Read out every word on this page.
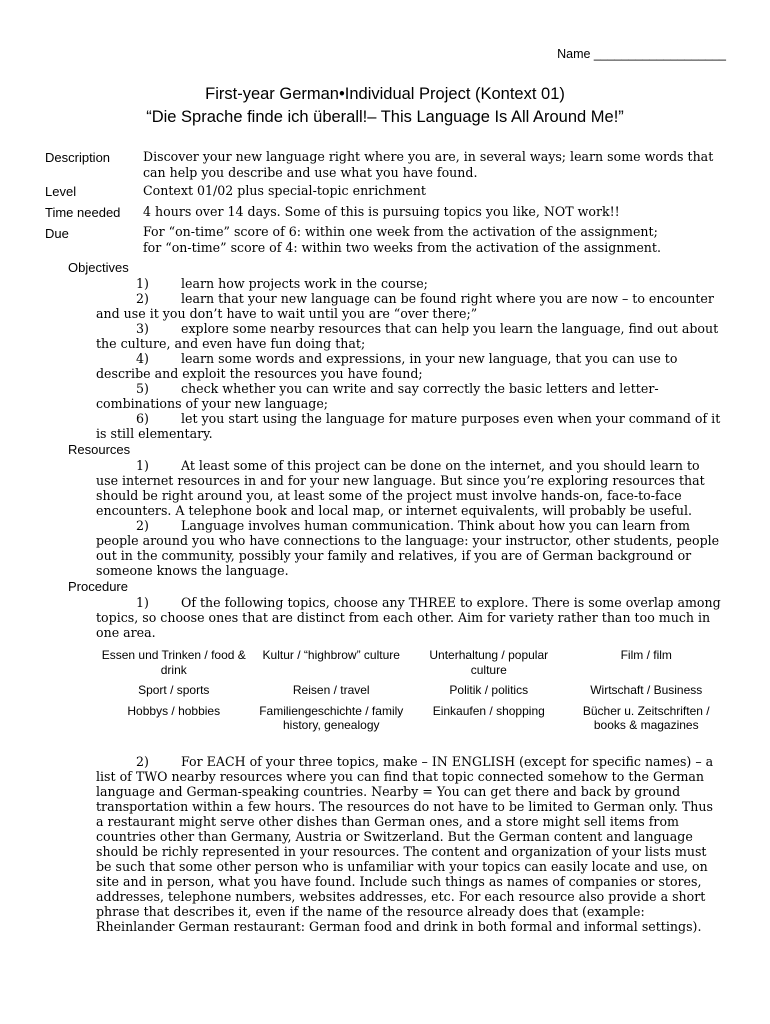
Name ___________________
First-year German•Individual Project (Kontext 01)
“Die Sprache finde ich überall!– This Language Is All Around Me!”
Description	Discover your new language right where you are, in several ways; learn some words that can help you describe and use what you have found.
Level	Context 01/02 plus special-topic enrichment
Time needed 4 hours over 14 days. Some of this is pursuing topics you like, NOT work!!
Due	For “on-time” score of 6: within one week from the activation of the assignment;
for “on-time” score of 4: within two weeks from the activation of the assignment.
Objectives

1)	learn how projects work in the course;

2)	learn that your new language can be found right where you are now – to encounter and use it you don’t have to wait until you are “over there;”

3)	explore some nearby resources that can help you learn the language, find out about the culture, and even have fun doing that;

4)	learn some words and expressions, in your new language, that you can use to describe and exploit the resources you have found;

5)	check whether you can write and say correctly the basic letters and letter-combinations of your new language;

6)	let you start using the language for mature purposes even when your command of it is still elementary.

Resources

1)	At least some of this project can be done on the internet, and you should learn to use internet resources in and for your new language. But since you’re exploring resources that should be right around you, at least some of the project must involve hands-on, face-to-face encounters. A telephone book and local map, or internet equivalents, will probably be useful.

2)	Language involves human communication. Think about how you can learn from people around you who have connections to the language: your instructor, other students, people out in the community, possibly your family and relatives, if you are of German background or someone knows the language.

Procedure

1)	Of the following topics, choose any THREE to explore. There is some overlap among topics, so choose ones that are distinct from each other. Aim for variety rather than too much in one area.

Essen und Trinken / food & drink	Kultur / “highbrow” culture	Unterhaltung / popular culture	Film / film
Sport / sports	Reisen / travel	Politik / politics	Wirtschaft / Business
Hobbys / hobbies	Familiengeschichte / family history, genealogy	Einkaufen / shopping	Bücher u. Zeitschriften / books & magazines

2)	For EACH of your three topics, make – IN ENGLISH (except for specific names) – a list of TWO nearby resources where you can find that topic connected somehow to the German language and German-speaking countries. Nearby = You can get there and back by ground transportation within a few hours. The resources do not have to be limited to German only. Thus a restaurant might serve other dishes than German ones, and a store might sell items from countries other than Germany, Austria or Switzerland. But the German content and language should be richly represented in your resources. The content and organization of your lists must be such that some other person who is unfamiliar with your topics can easily locate and use, on site and in person, what you have found. Include such things as names of companies or stores, addresses, telephone numbers, websites addresses, etc. For each resource also provide a short phrase that describes it, even if the name of the resource already does that (example: Rheinlander German restaurant: German food and drink in both formal and informal settings).
